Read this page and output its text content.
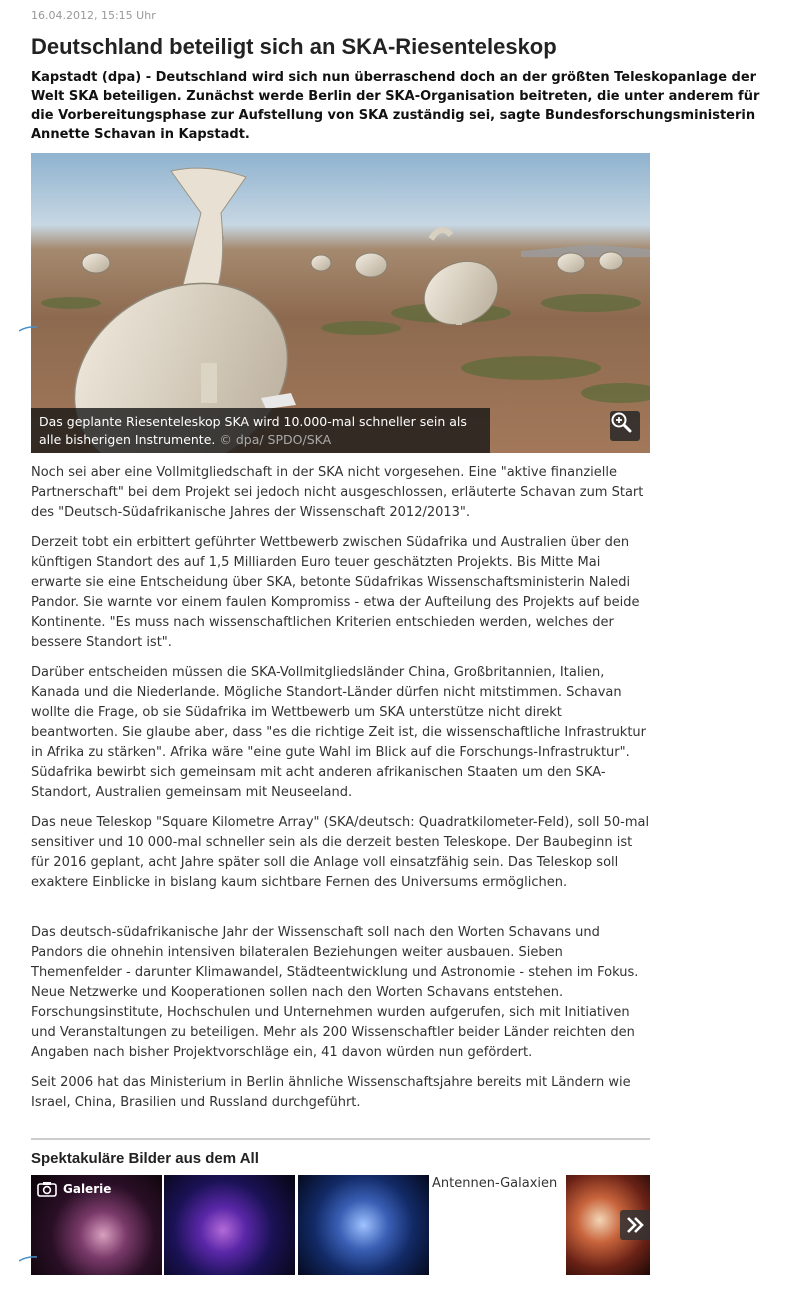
16.04.2012, 15:15 Uhr
Deutschland beteiligt sich an SKA-Riesenteleskop

Kapstadt (dpa) - Deutschland wird sich nun überraschend doch an der größten Teleskopanlage der Welt SKA beteiligen. Zunächst werde Berlin der SKA-Organisation beitreten, die unter anderem für die Vorbereitungsphase zur Aufstellung von SKA zuständig sei, sagte Bundesforschungsministerin Annette Schavan in Kapstadt.

Das geplante Riesenteleskop SKA wird 10.000-mal schneller sein als alle bisherigen Instrumente. © dpa/ SPDO/SKA

Noch sei aber eine Vollmitgliedschaft in der SKA nicht vorgesehen. Eine "aktive finanzielle Partnerschaft" bei dem Projekt sei jedoch nicht ausgeschlossen, erläuterte Schavan zum Start des "Deutsch-Südafrikanische Jahres der Wissenschaft 2012/2013".

Derzeit tobt ein erbittert geführter Wettbewerb zwischen Südafrika und Australien über den künftigen Standort des auf 1,5 Milliarden Euro teuer geschätzten Projekts. Bis Mitte Mai erwarte sie eine Entscheidung über SKA, betonte Südafrikas Wissenschaftsministerin Naledi Pandor. Sie warnte vor einem faulen Kompromiss - etwa der Aufteilung des Projekts auf beide Kontinente. "Es muss nach wissenschaftlichen Kriterien entschieden werden, welches der bessere Standort ist".

Darüber entscheiden müssen die SKA-Vollmitgliedsländer China, Großbritannien, Italien, Kanada und die Niederlande. Mögliche Standort-Länder dürfen nicht mitstimmen. Schavan wollte die Frage, ob sie Südafrika im Wettbewerb um SKA unterstütze nicht direkt beantworten. Sie glaube aber, dass "es die richtige Zeit ist, die wissenschaftliche Infrastruktur in Afrika zu stärken". Afrika wäre "eine gute Wahl im Blick auf die Forschungs-Infrastruktur". Südafrika bewirbt sich gemeinsam mit acht anderen afrikanischen Staaten um den SKA-Standort, Australien gemeinsam mit Neuseeland.

Das neue Teleskop "Square Kilometre Array" (SKA/deutsch: Quadratkilometer-Feld), soll 50-mal sensitiver und 10 000-mal schneller sein als die derzeit besten Teleskope. Der Baubeginn ist für 2016 geplant, acht Jahre später soll die Anlage voll einsatzfähig sein. Das Teleskop soll exaktere Einblicke in bislang kaum sichtbare Fernen des Universums ermöglichen.

Das deutsch-südafrikanische Jahr der Wissenschaft soll nach den Worten Schavans und Pandors die ohnehin intensiven bilateralen Beziehungen weiter ausbauen. Sieben Themenfelder - darunter Klimawandel, Städteentwicklung und Astronomie - stehen im Fokus. Neue Netzwerke und Kooperationen sollen nach den Worten Schavans entstehen. Forschungsinstitute, Hochschulen und Unternehmen wurden aufgerufen, sich mit Initiativen und Veranstaltungen zu beteiligen. Mehr als 200 Wissenschaftler beider Länder reichten den Angaben nach bisher Projektvorschläge ein, 41 davon würden nun gefördert.

Seit 2006 hat das Ministerium in Berlin ähnliche Wissenschaftsjahre bereits mit Ländern wie Israel, China, Brasilien und Russland durchgeführt.

Spektakuläre Bilder aus dem All
Galerie	Antennen-Galaxien
